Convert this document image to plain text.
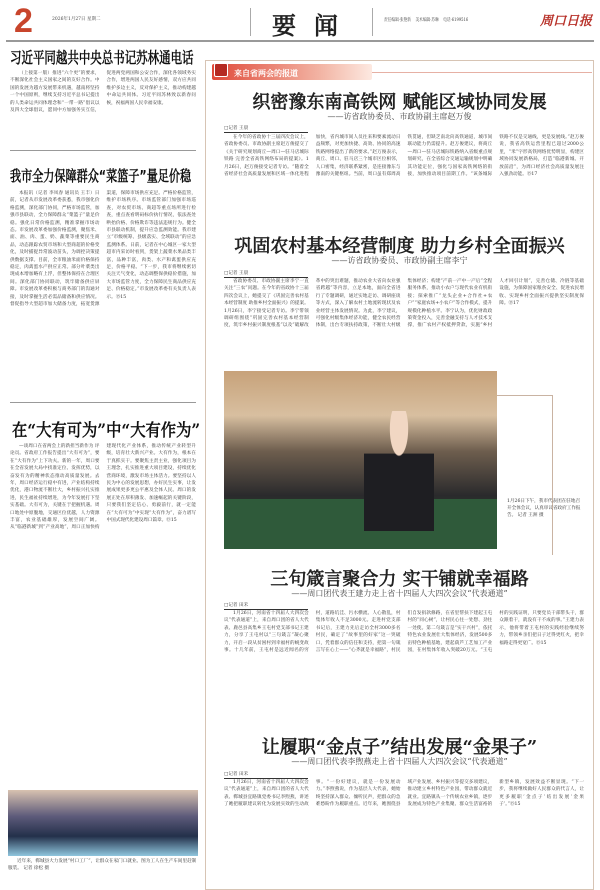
2	2026年1月27日 星期二	要闻	责任编辑·张艳新 美术编辑·苏琳 电话·6199516	周口日报
习近平同越共中央总书记苏林通电话
（上接第一版）推进“六个更”的要求，不断深化社会主义国家之间的友好合作。中国的发展为越方发展带来机遇，越南将坚持一个中国原则，继续支持习近平总书记提出的人类命运共同体理念和“一带一路”倡议以及四大全球倡议，愿同中方加强务实互信，促进两党两国和公安合作，深化各领域务实合作，增进两国人民友好感情，双方应共同维护多边主义，反对保护主义，推动构建越中命运共同体。习近平同苏林致以新春问候，祝福两国人民幸福安康。
我市全力保障群众“菜篮子”量足价稳
本报讯（记者 李凤春 通讯员 王丰）日前，记者从市发展改革委获悉，我市强化价格监测，深化部门协同，严格市场监管，加强市县联动，全力保障群众“菜篮子”量足价稳。强化日常价格监测，精准掌握市场动态。市发展改革委加强价格监测，聚焦米、面、油、肉、蛋、奶、蔬菜等重要民生商品，动态跟踪农贸市场和大型商超的价格变化，及时捕捉异常波动苗头，为调控决策提供数据支撑。目前，全市粮油米面价格保持稳定，肉禽蛋水产供应正常。部分叶菜类出现成本增加略有上浮，但整体保持在合理区间。深化部门协同联动，筑牢储备供应屏障。市发展改革委积极与商务部门的沟通对接，及时掌握生活必需品储备和供应情况。督促指导大型超市加大储备力度，拓宽货源渠道，保障市场供应充足。严格价格监管，维护市场秩序。市场监管部门加强市场巡查，对农贸市场、商超等重点场所进行检查，重点查看明码标价执行情况，依法查处哄抬价格、价格欺诈等违法违规行为。健全市县联动机制，提升应急监测效能。我市建立“市级统筹、县级落实、全域联动”的应急监测体系。日前，记者在中心城区一家大型超市内采访时看到，货架上蔬菜水果品类丰富，品种丰富，肉类、水产和禽蛋供应充足，价格平稳。“下一步，我市将继续密切关注天气变化，动态调整保供稳价措施，加大市场监管力度，全力保障民生商品供应充足、价格稳定。”市发展改革委有关负责人表示。⑮15
在“大有可为”中“大有作为”
—谈周口在省两会上的新担当新作为 评论员。省政府工作报告提出“大有可为”，要在“大有作为”上下功夫。新的一年，周口要在全省发展大局中找准定位、发挥优势，以奋发有为的精神状态推动高质量发展。去年，周口经济运行稳中有进，产业结构持续优化，港口物流不断壮大，乡村振兴扎实推进，民生福祉持续增进，为今年发展打下坚实基础。大有可为，关键在于把握机遇。周口地处中原腹地，交通区位优越，人力资源丰富，农业基础雄厚，发展空间广阔。从“临港新城”到“产业高地”，周口正加快构建现代化产业体系，推动传统产业转型升级，培育壮大新兴产业。大有作为，根本在于真抓实干。要聚焦主责主业，强化项目为王理念，扎实推进重大项目建设，持续优化营商环境，激发市场主体活力。要坚持以人民为中心的发展思想，办好民生实事，让发展成果更多更公平惠及全体人民。周口的发展正处在厚积薄发、加速崛起的关键阶段，只要我们坚定信心、勇毅前行，就一定能在“大有可为”中实现“大有作为”，奋力谱写中国式现代化建设周口篇章。⑮15
近年来，郸城县大力发展“村口工厂”，让群众在家门口就业。图为工人在生产车间里赶制服装。 记者 徐松 摄
来自省两会的报道
织密豫东南高铁网 赋能区域协同发展
——访省政协委员、市政协副主席赵万俊
□记者 王晨
在今年的省政协十三届四次会议上，省政协委员、市政协副主席赵万俊提交了《关于研究规划商丘—周口—驻马店城际铁路 完善全省高铁网络布局的提案》。1月26日，赵万俊接受记者专访。“随着全省经济社会高质量发展和区域一体化进程加快，省内城市间人员往来和要素流动日益频繁，对更加快捷、高效、协同的高速铁路网络提出了新的要求。”赵万俊表示，商丘、周口、驻马店三个城市区位相邻，人口密集，经济联系紧密，是连接豫东与豫南的关键枢纽。当前，周口虽有郑周高铁贯通，但缺乏南北向高铁通道，城市间联动能力仍需提升。赵万俊建议，将商丘—周口—驻马店城际铁路纳入省级重点规划研究，在全省综合交通运输规划中明确其功能定位，强化与国家高铁网络的衔接，加快推动项目前期工作。“该条城际铁路不仅是交通线，更是发展线。”赵万俊说，我省高铁运营里程已超过2000公里，“米”字形高铁网络优势明显，构建区域协同发展新格局，打造“临港新城、开放前沿”，为周口经济社会高质量发展注入强劲动能。⑮17
巩固农村基本经营制度 助力乡村全面振兴
——访省政协委员、市政协副主席李宁
□记者 王晨
省政协委员、市政协副主席李宁一直关注“三农”问题。在今年的省政协十三届四次会议上，她提交了《巩固完善农村基本经营制度 助推乡村全面振兴》的提案。1月26日，李宁接受记者专访。李宁带领调研组围绕“巩固完善农村基本经营制度，筑牢乡村振兴制度根基”以及“破解改革中的突出难题，推动农业大省向农业强省跨越”等内容，立足本地，面向全省进行了专题调研，通过实地走访、调研座谈等方式，深入了解农村土地流转现状及农业经营主体发展情况。为此，李宁建议，可强化村级集体经济功能，健全农民经营体制，出台专项扶持政策，不断壮大村级集体经济；构建“产前一产中一产后”全程服务体系，推动小农户与现代农业有机衔接；探索推广“龙头企业+合作社+农户”“家庭农场+小农户”等合作模式，提升规模化种植水平。李宁认为，优化财政政策资金投入，完善金融支持与人才技术支撑，推广农村产权抵押贷款，实施“乡村人才回引计划”，完善仓储、冷链等基础设施，为保障国家粮食安全、促进农民增收、实现乡村全面振兴提供坚实制度保障。⑮17
1月26日下午，我市代表团在驻地召开全体会议，认真审议省政府工作报告。 记者 王洲 摄
三句箴言聚合力 实干铺就幸福路
——周口团代表王建力走上省十四届人大四次会议“代表通道”
□记者 田禾
1月26日，河南省十四届人大四次会议“代表通道”上，来自周口团的省人大代表、鹿邑县高集乡王屯村党支部书记王建力，分享了王屯村以“三句箴言”凝心聚力，开启一段从贫困村到幸福村的蜕变故事。十几年前，王屯村是远近闻名的穷村，道路坑洼、污水横流、人心散乱，村集体年收人不足3000元。走进村党支部书记后，王建力先后走访全村3000多名村民，确定了“故事里的好家”这一突破口，凭着群众的信任和支持，把第一句箴言写在心上——“心齐就是幸福路”，村民们自发捐款修路，在省里帮扶下建起王屯村的“同心树”，让村民心往一处想、劲往一处使。第二句箴言是“实干兴村”，依托特色农业发展壮大集体经济，发展500多亩特色种植基地，建起葫芦工艺加工产业园，在村集体年收入突破20万元。“王屯村的实践证明，只要党员干部带头干，群众跟着干，就没有干不成的事。”王建力表示，他将带着王屯村的实践经验继续努力，带领乡亲们把日子过得更红火，把幸福路走得更宽广。⑮15
让履职“金点子”结出发展“金果子”
——周口团代表李煦燕走上省十四届人大四次会议“代表通道”
□记者 田禾
1月26日，河南省十四届人大四次会议“代表通道”上，来自周口团的省人大代表、郸城县宜路镇党委书记李煦燕，讲述了她把履职建议转化为发展实效的生动故事。“一份好建议，就是一份发展动力。”李煦燕说，作为基层人大代表，她始终坚持深入群众、倾听民声，把群众的急难愁盼作为履职重点。近年来，她围绕县域产业发展、乡村振兴等提交多项建议，推动建立乡村特色产业园，带动群众就近就业。宜路镇从一个传统农业乡镇，逐步发展成为特色产业集聚、群众生活富裕的新型乡镇，发展效益不断显现。“下一步，我将继续做好人民群众的代言人，让更多履职‘金点子’结出发展‘金果子’。”⑮15
